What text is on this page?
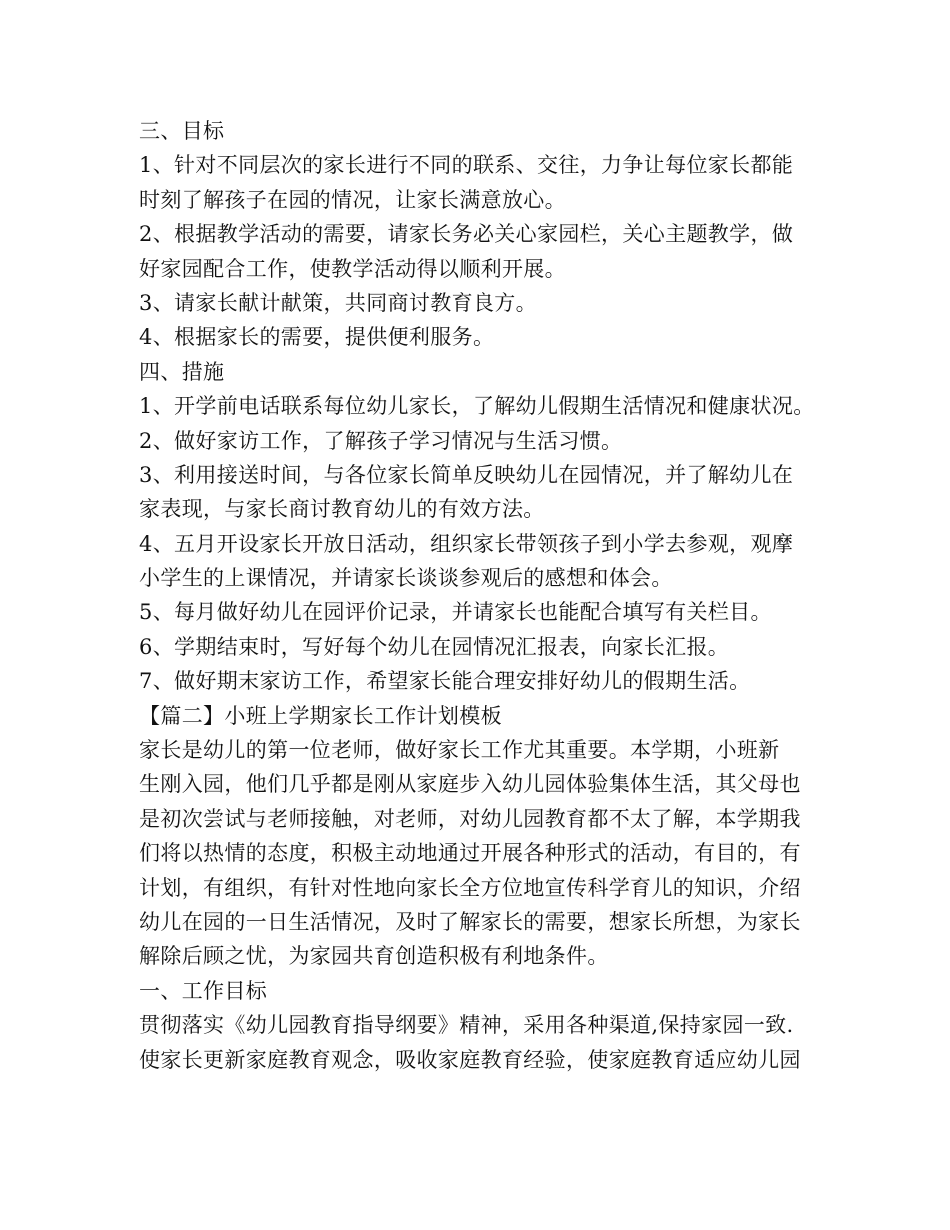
三、目标
1、针对不同层次的家长进行不同的联系、交往，力争让每位家长都能
时刻了解孩子在园的情况，让家长满意放心。
2、根据教学活动的需要，请家长务必关心家园栏，关心主题教学，做
好家园配合工作，使教学活动得以顺利开展。
3、请家长献计献策，共同商讨教育良方。
4、根据家长的需要，提供便利服务。
四、措施
1、开学前电话联系每位幼儿家长，了解幼儿假期生活情况和健康状况。
2、做好家访工作，了解孩子学习情况与生活习惯。
3、利用接送时间，与各位家长简单反映幼儿在园情况，并了解幼儿在
家表现，与家长商讨教育幼儿的有效方法。
4、五月开设家长开放日活动，组织家长带领孩子到小学去参观，观摩
小学生的上课情况，并请家长谈谈参观后的感想和体会。
5、每月做好幼儿在园评价记录，并请家长也能配合填写有关栏目。
6、学期结束时，写好每个幼儿在园情况汇报表，向家长汇报。
7、做好期末家访工作，希望家长能合理安排好幼儿的假期生活。
【篇二】小班上学期家长工作计划模板
家长是幼儿的第一位老师，做好家长工作尤其重要。本学期，小班新
生刚入园，他们几乎都是刚从家庭步入幼儿园体验集体生活，其父母也
是初次尝试与老师接触，对老师，对幼儿园教育都不太了解，本学期我
们将以热情的态度，积极主动地通过开展各种形式的活动，有目的，有
计划，有组织，有针对性地向家长全方位地宣传科学育儿的知识，介绍
幼儿在园的一日生活情况，及时了解家长的需要，想家长所想，为家长
解除后顾之忧，为家园共育创造积极有利地条件。
一、工作目标
贯彻落实《幼儿园教育指导纲要》精神，采用各种渠道,保持家园一致.
使家长更新家庭教育观念，吸收家庭教育经验，使家庭教育适应幼儿园
